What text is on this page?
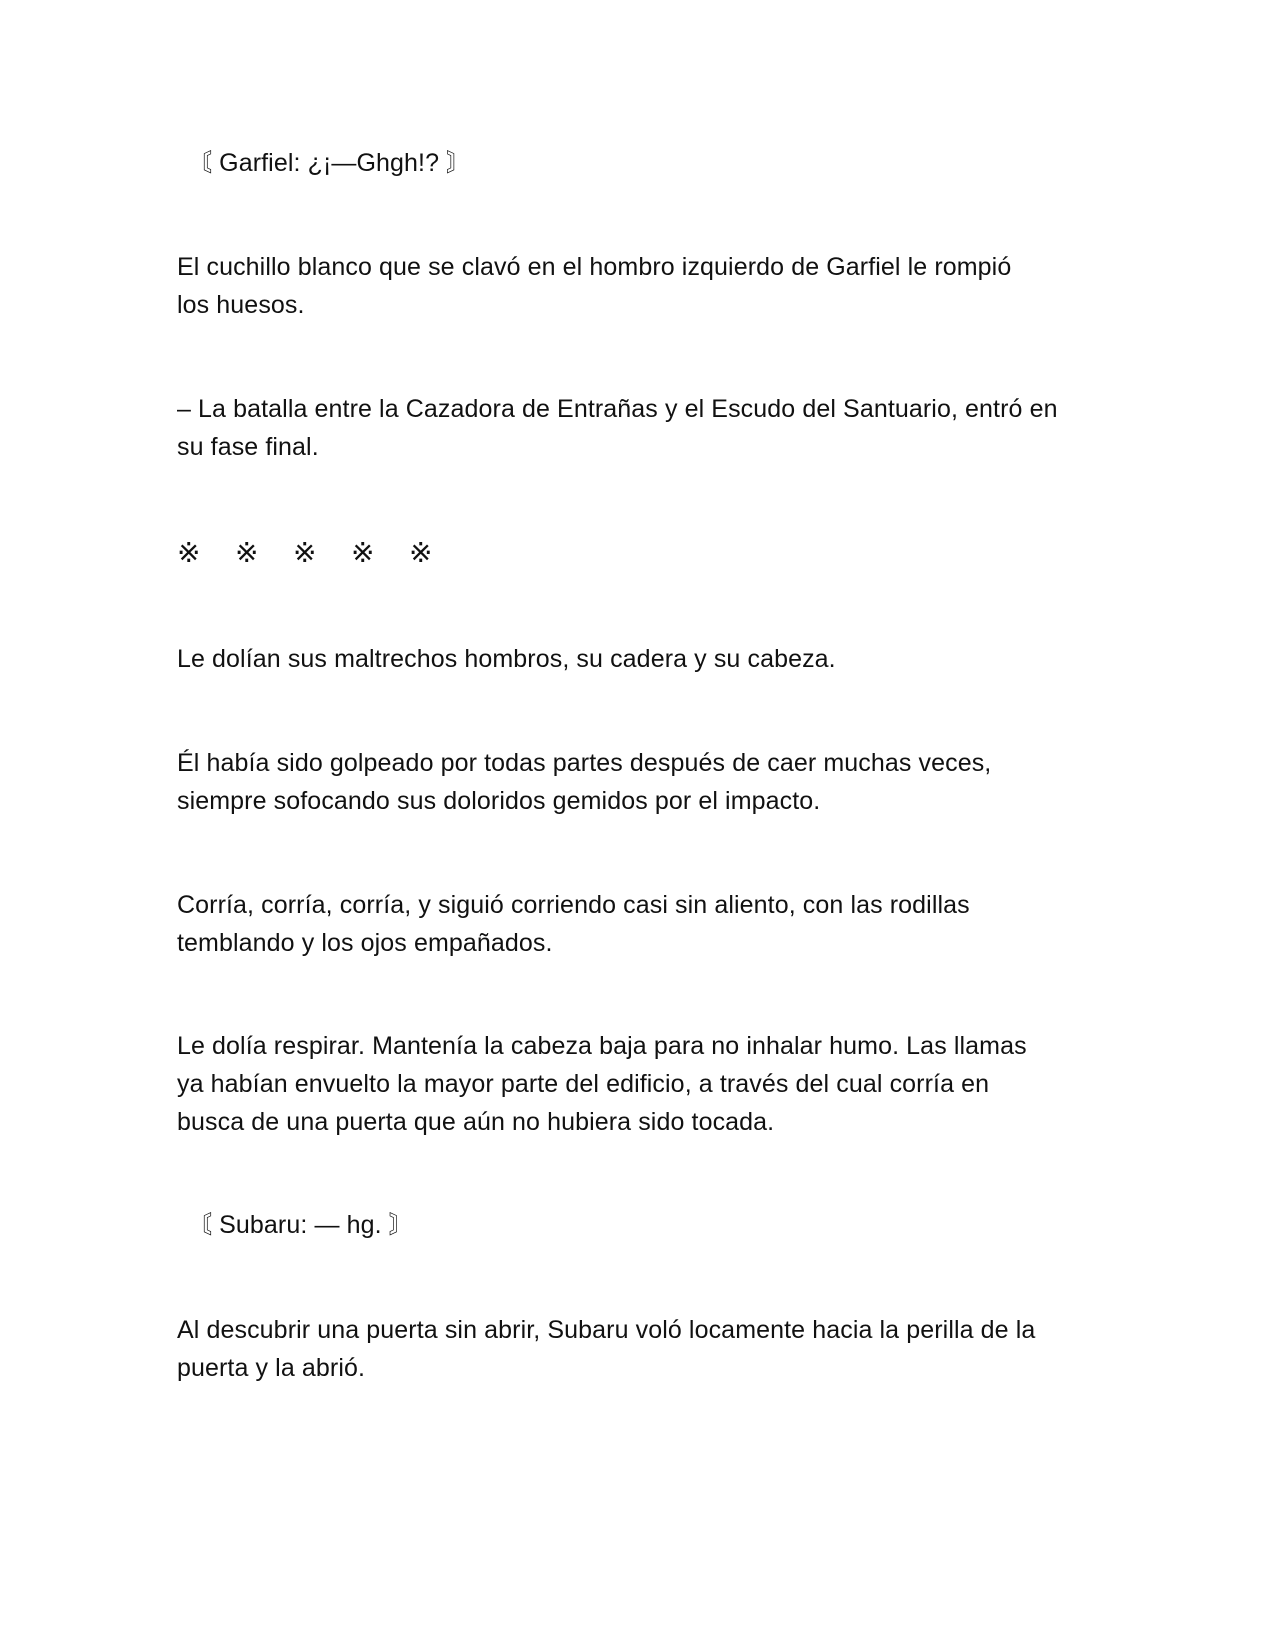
〘 Garfiel: ¿¡—Ghgh!? 〙

El cuchillo blanco que se clavó en el hombro izquierdo de Garfiel le rompió
los huesos.

– La batalla entre la Cazadora de Entrañas y el Escudo del Santuario, entró en
su fase final.

※ ※ ※ ※ ※

Le dolían sus maltrechos hombros, su cadera y su cabeza.

Él había sido golpeado por todas partes después de caer muchas veces,
siempre sofocando sus doloridos gemidos por el impacto.

Corría, corría, corría, y siguió corriendo casi sin aliento, con las rodillas
temblando y los ojos empañados.

Le dolía respirar. Mantenía la cabeza baja para no inhalar humo. Las llamas
ya habían envuelto la mayor parte del edificio, a través del cual corría en
busca de una puerta que aún no hubiera sido tocada.

〘 Subaru: — hg. 〙

Al descubrir una puerta sin abrir, Subaru voló locamente hacia la perilla de la
puerta y la abrió.
